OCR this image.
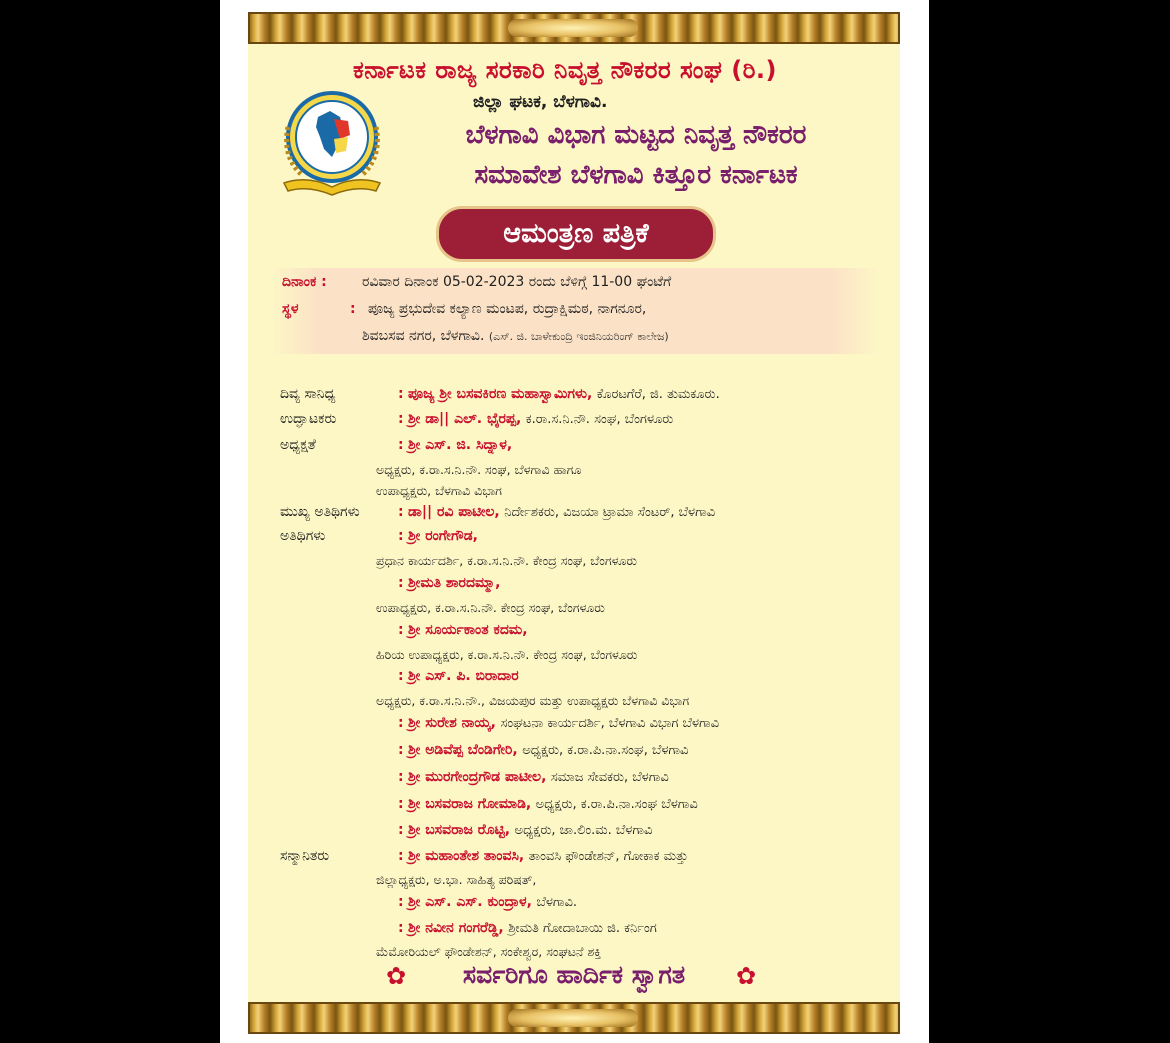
ಕರ್ನಾಟಕ ರಾಜ್ಯ ಸರಕಾರಿ ನಿವೃತ್ತ ನೌಕರರ ಸಂಘ (ರಿ.)
ಜಿಲ್ಲಾ ಘಟಕ, ಬೆಳಗಾವಿ.
ಬೆಳಗಾವಿ ವಿಭಾಗ ಮಟ್ಟದ ನಿವೃತ್ತ ನೌಕರರ
ಸಮಾವೇಶ ಬೆಳಗಾವಿ ಕಿತ್ತೂರ ಕರ್ನಾಟಕ
ಆಮಂತ್ರಣ ಪತ್ರಿಕೆ
ದಿನಾಂಕ :	ರವಿವಾರ ದಿನಾಂಕ 05-02-2023 ರಂದು ಬೆಳಿಗ್ಗೆ 11-00 ಘಂಟೆಗೆ
ಸ್ಥಳ	: ಪೂಜ್ಯ ಪ್ರಭುದೇವ ಕಲ್ಯಾಣ ಮಂಟಪ, ರುದ್ರಾಕ್ಷಿಮಠ, ನಾಗನೂರ,
ಶಿವಬಸವ ನಗರ, ಬೆಳಗಾವಿ. (ಎಸ್. ಜಿ. ಬಾಳೇಕುಂದ್ರಿ ಇಂಜಿನಿಯರಿಂಗ್ ಕಾಲೇಜ)
ದಿವ್ಯ ಸಾನಿಧ್ಯ	: ಪೂಜ್ಯ ಶ್ರೀ ಬಸವಕಿರಣ ಮಹಾಸ್ವಾಮಿಗಳು, ಕೊರಟಗೆರೆ, ಜಿ. ತುಮಕೂರು.
ಉದ್ಘಾಟಕರು	: ಶ್ರೀ ಡಾ|| ಎಲ್. ಭೈರಪ್ಪ, ಕ.ರಾ.ಸ.ನಿ.ನೌ. ಸಂಘ, ಬೆಂಗಳೂರು
ಅಧ್ಯಕ್ಷತೆ	: ಶ್ರೀ ಎಸ್. ಜಿ. ಸಿದ್ನಾಳ,
ಅಧ್ಯಕ್ಷರು, ಕ.ರಾ.ಸ.ನಿ.ನೌ. ಸಂಘ, ಬೆಳಗಾವಿ ಹಾಗೂ
ಉಪಾಧ್ಯಕ್ಷರು, ಬೆಳಗಾವಿ ವಿಭಾಗ
ಮುಖ್ಯ ಅತಿಥಿಗಳು	: ಡಾ|| ರವಿ ಪಾಟೀಲ, ನಿರ್ದೇಶಕರು, ವಿಜಯಾ ಟ್ರಾಮಾ ಸೆಂಟರ್, ಬೆಳಗಾವಿ
ಅತಿಥಿಗಳು	: ಶ್ರೀ ರಂಗೇಗೌಡ,
ಪ್ರಧಾನ ಕಾರ್ಯದರ್ಶಿ, ಕ.ರಾ.ಸ.ನಿ.ನೌ. ಕೇಂದ್ರ ಸಂಘ, ಬೆಂಗಳೂರು
: ಶ್ರೀಮತಿ ಶಾರದಮ್ಮಾ,
ಉಪಾಧ್ಯಕ್ಷರು, ಕ.ರಾ.ಸ.ನಿ.ನೌ. ಕೇಂದ್ರ ಸಂಘ, ಬೆಂಗಳೂರು
: ಶ್ರೀ ಸೂರ್ಯಕಾಂತ ಕದಮ,
ಹಿರಿಯ ಉಪಾಧ್ಯಕ್ಷರು, ಕ.ರಾ.ಸ.ನಿ.ನೌ. ಕೇಂದ್ರ ಸಂಘ, ಬೆಂಗಳೂರು
: ಶ್ರೀ ಎಸ್. ಪಿ. ಬಿರಾದಾರ
ಅಧ್ಯಕ್ಷರು, ಕ.ರಾ.ಸ.ನಿ.ನೌ., ವಿಜಯಪುರ ಮತ್ತು ಉಪಾಧ್ಯಕ್ಷರು ಬೆಳಗಾವಿ ವಿಭಾಗ
: ಶ್ರೀ ಸುರೇಶ ನಾಯ್ಕ, ಸಂಘಟನಾ ಕಾರ್ಯದರ್ಶಿ, ಬೆಳಗಾವಿ ವಿಭಾಗ ಬೆಳಗಾವಿ
: ಶ್ರೀ ಅಡಿವೆಪ್ಪ ಬೆಂಡಿಗೇರಿ, ಅಧ್ಯಕ್ಷರು, ಕ.ರಾ.ಪಿ.ನಾ.ಸಂಘ, ಬೆಳಗಾವಿ
: ಶ್ರೀ ಮುರಗೇಂದ್ರಗೌಡ ಪಾಟೀಲ, ಸಮಾಜ ಸೇವಕರು, ಬೆಳಗಾವಿ
: ಶ್ರೀ ಬಸವರಾಜ ಗೋಮಾಡಿ, ಅಧ್ಯಕ್ಷರು, ಕ.ರಾ.ಪಿ.ನಾ.ಸಂಘ ಬೆಳಗಾವಿ
: ಶ್ರೀ ಬಸವರಾಜ ರೊಟ್ಟಿ, ಅಧ್ಯಕ್ಷರು, ಜಾ.ಲಿಂ.ಮ. ಬೆಳಗಾವಿ
ಸನ್ಮಾನಿತರು	: ಶ್ರೀ ಮಹಾಂತೇಶ ತಾಂವಸಿ, ತಾಂವಸಿ ಫೌಂಡೇಶನ್, ಗೋಕಾಕ ಮತ್ತು
ಜಿಲ್ಲಾಧ್ಯಕ್ಷರು, ಅ.ಭಾ. ಸಾಹಿತ್ಯ ಪರಿಷತ್,
: ಶ್ರೀ ಎಸ್. ಎಸ್. ಕುಂದ್ರಾಳ, ಬೆಳಗಾವಿ.
: ಶ್ರೀ ನವೀನ ಗಂಗರೆಡ್ಡಿ, ಶ್ರೀಮತಿ ಗೋದಾಬಾಯಿ ಜಿ. ಕರ್ನಿಂಗ
ಮೆಮೋರಿಯಲ್ ಫೌಂಡೇಶನ್, ಸಂಕೇಶ್ವರ, ಸಂಘಟನೆ ಶಕ್ತಿ
✿	ಸರ್ವರಿಗೂ ಹಾರ್ದಿಕ ಸ್ವಾಗತ	✿
